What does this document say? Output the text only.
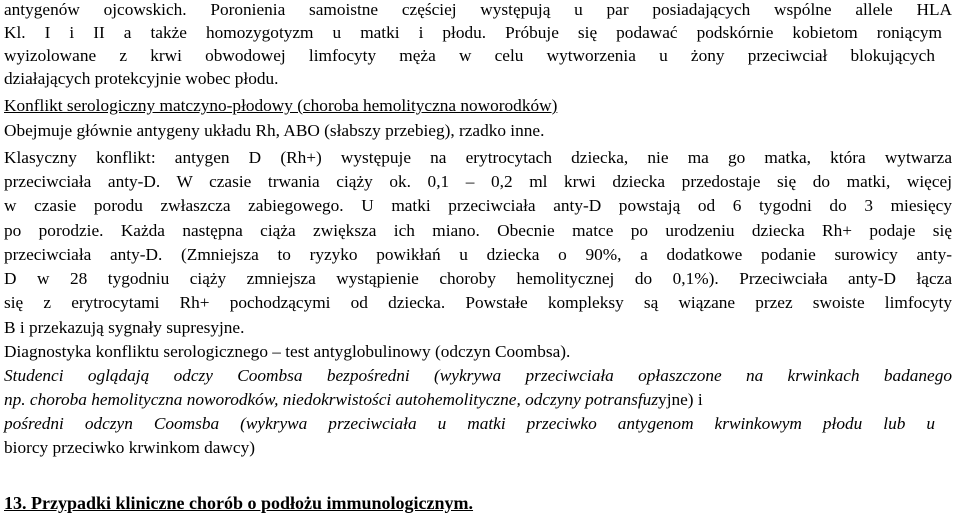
antygenów ojcowskich. Poronienia samoistne częściej występują u par posiadających wspólne allele HLA
Kl. I i II a także homozygotyzm u matki i płodu. Próbuje się podawać podskórnie kobietom roniącym
wyizolowane z krwi obwodowej limfocyty męża w celu wytworzenia u żony przeciwciał blokujących
działających protekcyjnie wobec płodu.
Konflikt serologiczny matczyno-płodowy (choroba hemolityczna noworodków)
Obejmuje głównie antygeny układu Rh, ABO (słabszy przebieg), rzadko inne.
Klasyczny konflikt: antygen D (Rh+) występuje na erytrocytach dziecka, nie ma go matka, która wytwarza
przeciwciała anty-D. W czasie trwania ciąży ok. 0,1 – 0,2 ml krwi dziecka przedostaje się do matki, więcej
w czasie porodu zwłaszcza zabiegowego. U matki przeciwciała anty-D powstają od 6 tygodni do 3 miesięcy
po porodzie. Każda następna ciąża zwiększa ich miano. Obecnie matce po urodzeniu dziecka Rh+ podaje się
przeciwciała anty-D. (Zmniejsza to ryzyko powikłań u dziecka o 90%, a dodatkowe podanie surowicy anty-
D w 28 tygodniu ciąży zmniejsza wystąpienie choroby hemolitycznej do 0,1%). Przeciwciała anty-D łącza
się z erytrocytami Rh+ pochodzącymi od dziecka. Powstałe kompleksy są wiązane przez swoiste limfocyty
B i przekazują sygnały supresyjne.
Diagnostyka konfliktu serologicznego – test antyglobulinowy (odczyn Coombsa).
Studenci oglądają odczy Coombsa bezpośredni (wykrywa przeciwciała opłaszczone na krwinkach badanego
np. choroba hemolityczna noworodków, niedokrwistości autohemolityczne, odczyny potransfuzyjne) i
pośredni odczyn Coomsba (wykrywa przeciwciała u matki przeciwko antygenom krwinkowym płodu lub u
biorcy przeciwko krwinkom dawcy)
13. Przypadki kliniczne chorób o podłożu immunologicznym.
